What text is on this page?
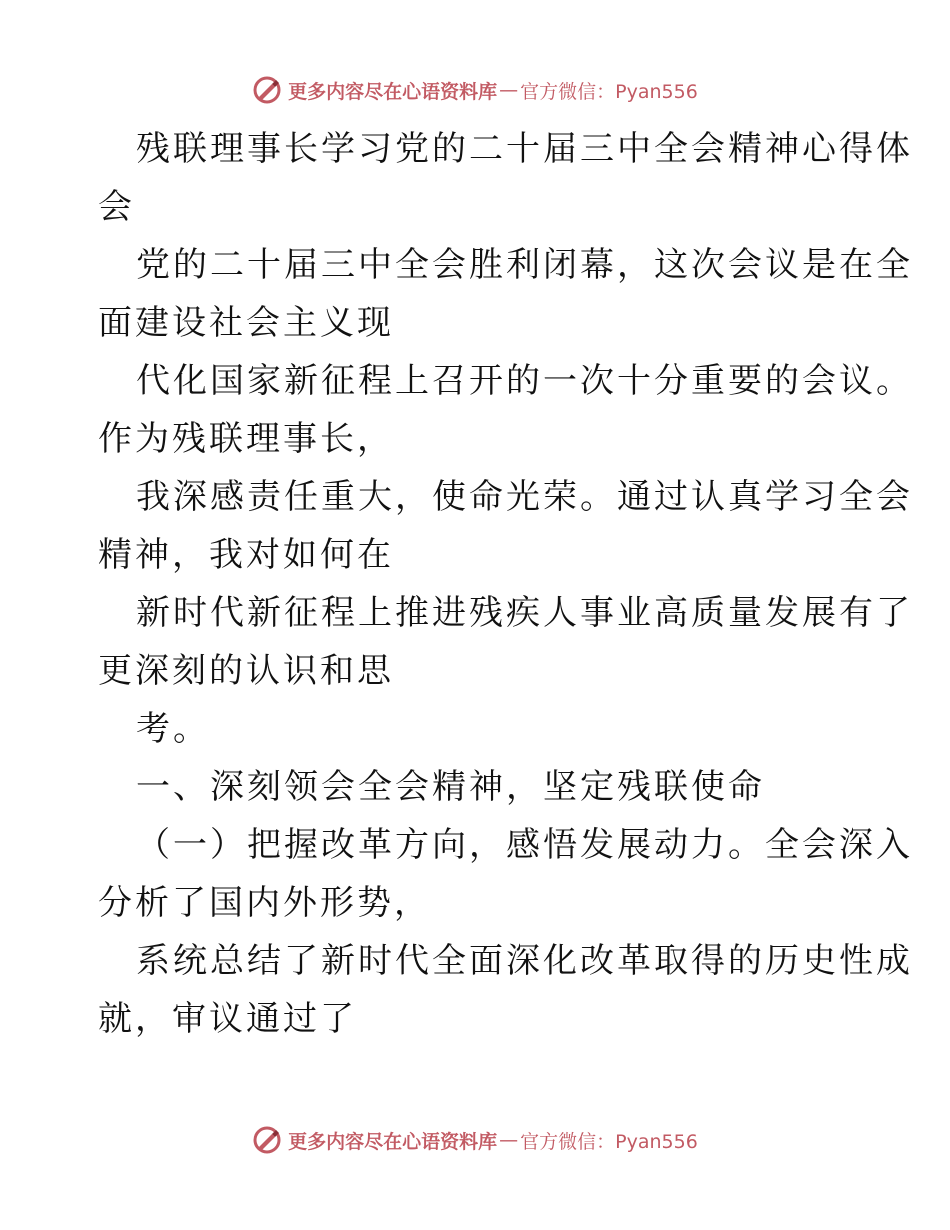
更多内容尽在心语资料库 — 官方微信：Pyan556
残联理事长学习党的二十届三中全会精神心得体
会
党的二十届三中全会胜利闭幕，这次会议是在全
面建设社会主义现
代化国家新征程上召开的一次十分重要的会议。
作为残联理事长，
我深感责任重大，使命光荣。通过认真学习全会
精神，我对如何在
新时代新征程上推进残疾人事业高质量发展有了
更深刻的认识和思
考。
一、深刻领会全会精神，坚定残联使命
（一）把握改革方向，感悟发展动力。全会深入
分析了国内外形势，
系统总结了新时代全面深化改革取得的历史性成
就，审议通过了
更多内容尽在心语资料库 — 官方微信：Pyan556
